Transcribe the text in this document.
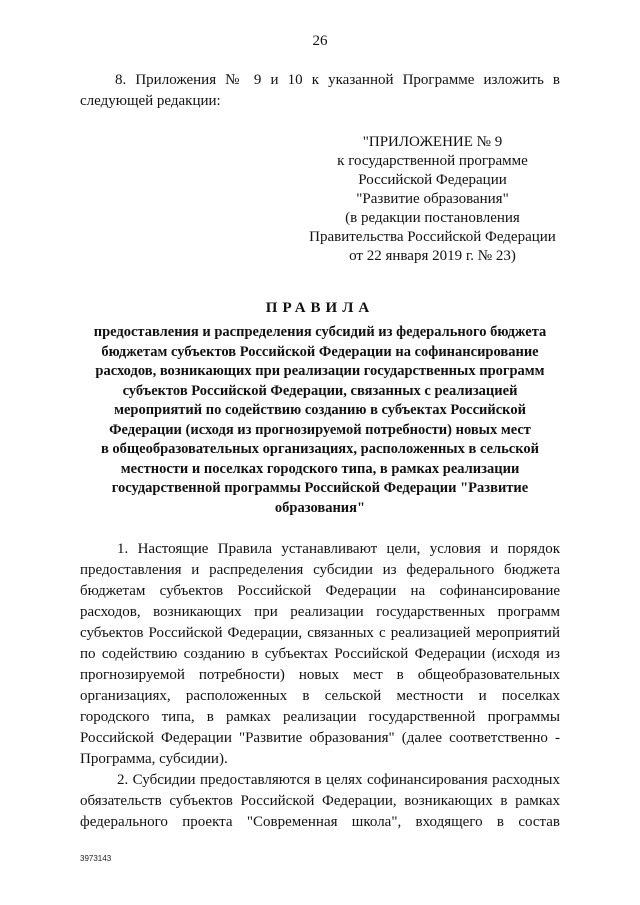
26
8. Приложения № 9 и 10 к указанной Программе изложить в
следующей редакции:
"ПРИЛОЖЕНИЕ № 9
к государственной программе
Российской Федерации
"Развитие образования"
(в редакции постановления
Правительства Российской Федерации
от 22 января 2019 г. № 23)
ПРАВИЛА
предоставления и распределения субсидий из федерального бюджета
бюджетам субъектов Российской Федерации на софинансирование
расходов, возникающих при реализации государственных программ
субъектов Российской Федерации, связанных с реализацией
мероприятий по содействию созданию в субъектах Российской
Федерации (исходя из прогнозируемой потребности) новых мест
в общеобразовательных организациях, расположенных в сельской
местности и поселках городского типа, в рамках реализации
государственной программы Российской Федерации "Развитие
образования"
1. Настоящие Правила устанавливают цели, условия и порядок
предоставления и распределения субсидии из федерального бюджета
бюджетам субъектов Российской Федерации на софинансирование
расходов, возникающих при реализации государственных программ
субъектов Российской Федерации, связанных с реализацией мероприятий
по содействию созданию в субъектах Российской Федерации (исходя из
прогнозируемой потребности) новых мест в общеобразовательных
организациях, расположенных в сельской местности и поселках
городского типа, в рамках реализации государственной программы
Российской Федерации "Развитие образования" (далее соответственно -
Программа, субсидии).
2. Субсидии предоставляются в целях софинансирования расходных
обязательств субъектов Российской Федерации, возникающих в рамках
федерального проекта "Современная школа", входящего в состав
3973143
